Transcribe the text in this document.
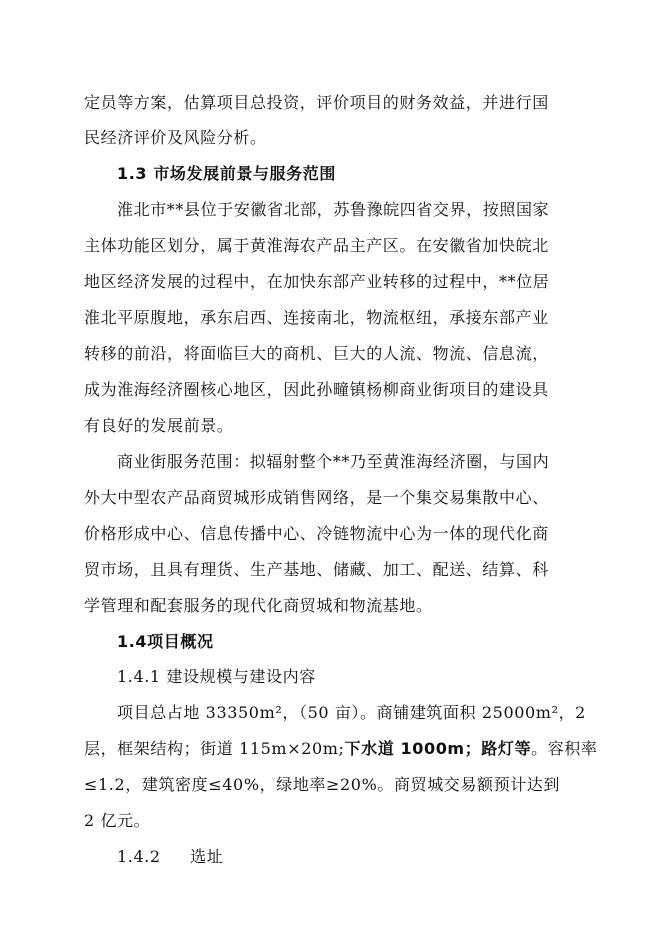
定员等方案，估算项目总投资，评价项目的财务效益，并进行国
民经济评价及风险分析。
1.3 市场发展前景与服务范围
淮北市**县位于安徽省北部，苏鲁豫皖四省交界，按照国家
主体功能区划分，属于黄淮海农产品主产区。在安徽省加快皖北
地区经济发展的过程中，在加快东部产业转移的过程中，**位居
淮北平原腹地，承东启西、连接南北，物流枢纽，承接东部产业
转移的前沿，将面临巨大的商机、巨大的人流、物流、信息流，
成为淮海经济圈核心地区，因此孙疃镇杨柳商业街项目的建设具
有良好的发展前景。
商业街服务范围：拟辐射整个**乃至黄淮海经济圈，与国内
外大中型农产品商贸城形成销售网络，是一个集交易集散中心、
价格形成中心、信息传播中心、冷链物流中心为一体的现代化商
贸市场，且具有理货、生产基地、储藏、加工、配送、结算、科
学管理和配套服务的现代化商贸城和物流基地。
1.4项目概况
1.4.1 建设规模与建设内容
项目总占地 33350m²，（50 亩）。商铺建筑面积 25000m²，2
层，框架结构；街道 115m×20m;下水道 1000m；路灯等。容积率
≤1.2，建筑密度≤40%，绿地率≥20%。商贸城交易额预计达到
2 亿元。
1.4.2 选址
